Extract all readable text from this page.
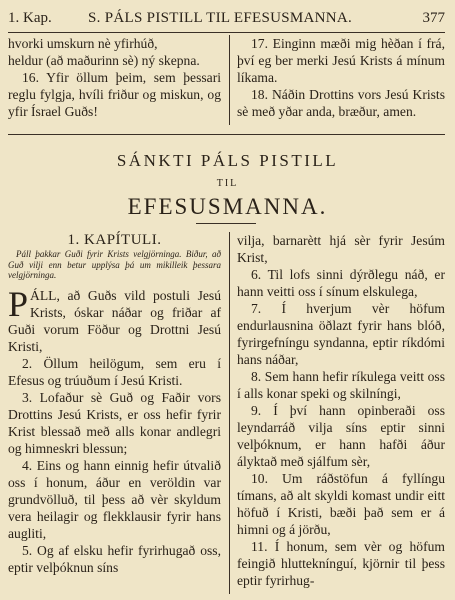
1. Kap. S. PÁLS PISTILL TIL EFESUSMANNA.	377

hvorki umskurn nè yfirhúð,

heldur (að maðurinn sè) ný skepna.

16. Yfir öllum þeim, sem þessari reglu fylgja, hvíli friður og miskun, og yfir Ísrael Guðs!

17. Einginn mæði mig hèðan í frá, því eg ber merki Jesú Krists á mínum líkama.

18. Náðin Drottins vors Jesú Krists sè með yðar anda, bræður, amen.

SÁNKTI PÁLS PISTILL
TIL
EFESUSMANNA.
1. KAPÍTULI.
Páll þakkar Guði fyrir Krists velgjörninga. Biður, að Guð vilji enn betur upplýsa þá um mikilleik þessara velgjörninga.

PÁLL, að Guðs vild postuli Jesú Krists, óskar náðar og friðar af Guði vorum Föður og Drottni Jesú Kristi,

2. Öllum heilögum, sem eru í Efesus og trúuðum í Jesú Kristi.

3. Lofaður sè Guð og Faðir vors Drottins Jesú Krists, er oss hefir fyrir Krist blessað með alls konar andlegri og himneskri blessun;

4. Eins og hann einnig hefir útvalið oss í honum, áður en veröldin var grundvölluð, til þess að vèr skyldum vera heilagir og flekklausir fyrir hans augliti,

5. Og af elsku hefir fyrirhugað oss, eptir velþóknun síns

vilja, barnarètt hjá sèr fyrir Jesúm Krist,

6. Til lofs sinni dýrðlegu náð, er hann veitti oss í sínum elskulega,

7. Í hverjum vèr höfum endurlausnina öðlazt fyrir hans blóð, fyrirgefníngu syndanna, eptir ríkdómi hans náðar,

8. Sem hann hefir ríkulega veitt oss í alls konar speki og skilníngi,

9. Í því hann opinberaði oss leyndarráð vilja síns eptir sinni velþóknum, er hann hafði áður ályktað með sjálfum sèr,

10. Um ráðstöfun á fyllíngu tímans, að alt skyldi komast undir eitt höfuð í Kristi, bæði það sem er á himni og á jörðu,

11. Í honum, sem vèr og höfum feingið hlutteknínguí, kjörnir til þess eptir fyrirhug-
